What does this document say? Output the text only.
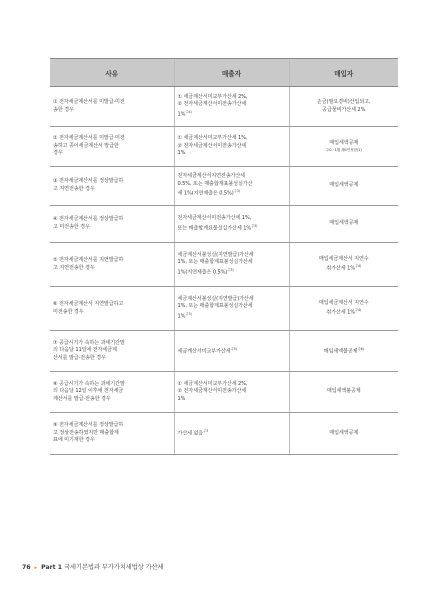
사유	매출자	매입자

① 전자세금계산서를 미발급·미전
송한 경우	① 세금계산서미교부가산세 2%,
② 전자세금계산서미전송가산세
1%$^{주4)}$	손금(필요경비)산입되고,
공급물비가산세 2%

② 전자세금계산서를 미발급·미전
송하고 종이세금계산서 발급한
경우	① 세금계산서미교부가산세 1%,
② 전자세금계산서미전송가산세
1%	매입세액공제
주0 : 1월 제0인정함(1)

③ 전자세금계산서를 정상발급하
고 지연전송한 경우	전자세금계산서지연전송가산세
0.5%, 또는 매출합계표불성실가산
세 1%(지연제출은 0.5%)$^{주3)}$	매입세액공제

④ 전자세금계산서를 정상발급하
고 미전송한 경우	전자세금계산서미전송가산세 1%,
또는 매출합계표불성실가산세 1%$^{주3)}$	매입세액공제

⑤ 전자세금계산서를 지연발급하
고 지연전송한 경우	세금계산서불성실(지연발급)가산세
1%, 또는 매출합계표불성실가산세
1%(지연제출은 0.5%)$^{주3)}$	매입세금계산서 지연수
취가산세 1%$^{주4)}$

⑥ 전자세금계산서 지연발급하고
미전송한 경우	세금계산서불성실(지연발급)가산세
1%, 또는 매출합계표불성실가산세
1%$^{주3)}$	매입세금계산서 지연수
취가산세 1%$^{주4)}$

⑦ 공급시기가 속하는 과세기간말
의 다음달 11일에 전자세금계
산서를 발급·전송한 경우	세금계산서미교부가산세$^{주5)}$	매입세액불공제$^{주6)}$

⑧ 공급시기가 속하는 과세기간말
의 다음달 12일 이후에 전자세금
계산서를 발급·전송한 경우	① 세금계산서미교부가산세 2%,
② 전자세금계산서미전송가산세
1%	매입세액불공제

⑨ 전자세금계산서를 정상발급하
고 정상전송하였지만 매출합계
표에 미기재한 경우	가산세 없음$^{주3}$	매입세액공제
76 ▸ Part 1 국세기본법과 부가가치세법상 가산세
